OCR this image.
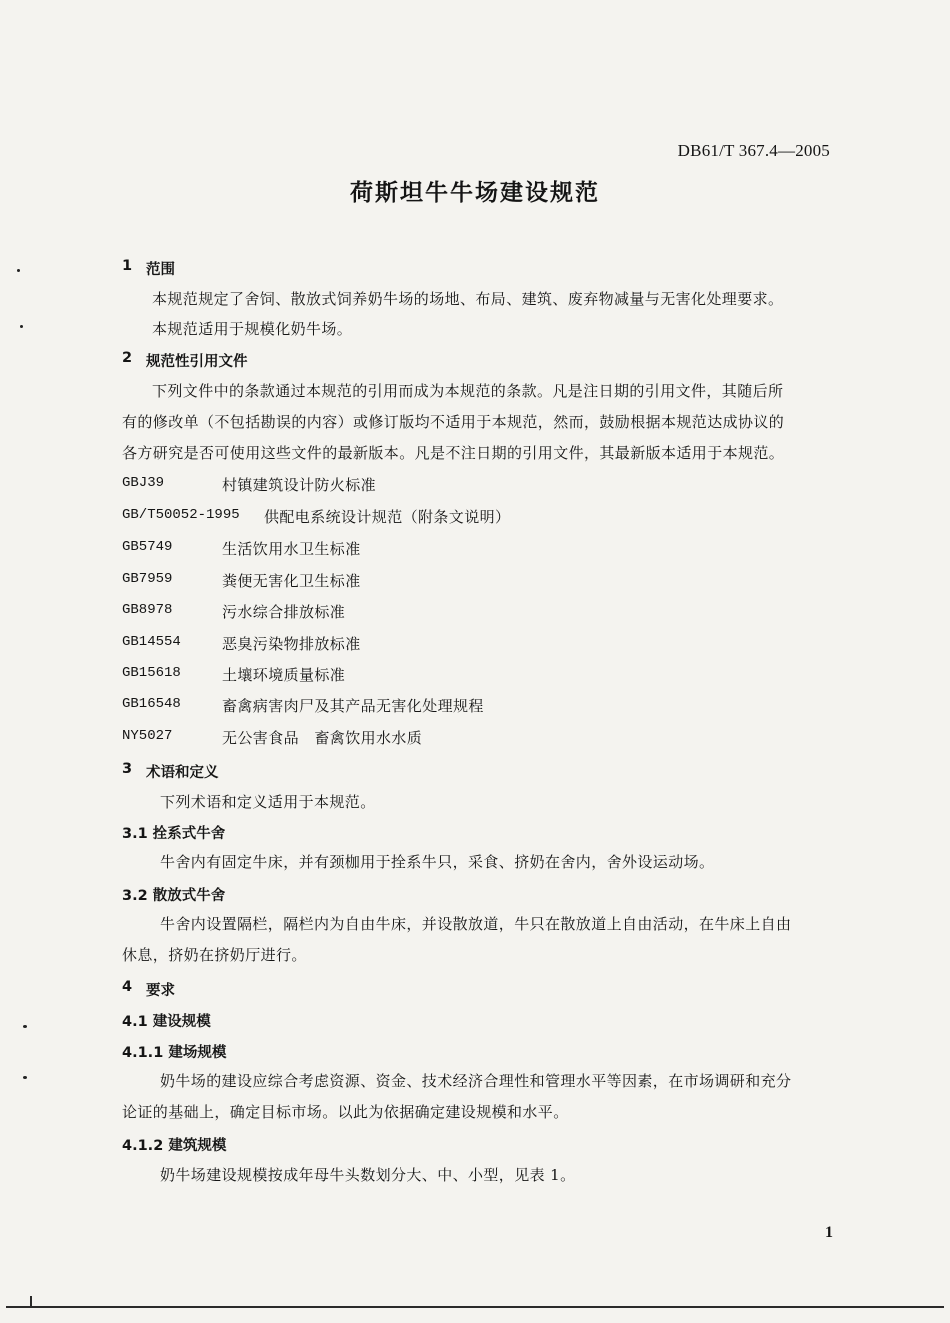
DB61/T 367.4—2005
荷斯坦牛牛场建设规范
1 范围
本规范规定了舍饲、散放式饲养奶牛场的场地、布局、建筑、废弃物减量与无害化处理要求。
本规范适用于规模化奶牛场。
2 规范性引用文件
下列文件中的条款通过本规范的引用而成为本规范的条款。凡是注日期的引用文件，其随后所
有的修改单（不包括勘误的内容）或修订版均不适用于本规范，然而，鼓励根据本规范达成协议的
各方研究是否可使用这些文件的最新版本。凡是不注日期的引用文件，其最新版本适用于本规范。
GBJ39	村镇建筑设计防火标准
GB/T50052-1995 供配电系统设计规范（附条文说明）
GB5749	生活饮用水卫生标准
GB7959	粪便无害化卫生标准
GB8978	污水综合排放标准
GB14554	恶臭污染物排放标准
GB15618	土壤环境质量标准
GB16548	畜禽病害肉尸及其产品无害化处理规程
NY5027	无公害食品　畜禽饮用水水质
3 术语和定义
下列术语和定义适用于本规范。
3.1 拴系式牛舍
牛舍内有固定牛床，并有颈枷用于拴系牛只，采食、挤奶在舍内，舍外设运动场。
3.2 散放式牛舍
牛舍内设置隔栏，隔栏内为自由牛床，并设散放道，牛只在散放道上自由活动，在牛床上自由
休息，挤奶在挤奶厅进行。
4 要求
4.1 建设规模
4.1.1 建场规模
奶牛场的建设应综合考虑资源、资金、技术经济合理性和管理水平等因素，在市场调研和充分
论证的基础上，确定目标市场。以此为依据确定建设规模和水平。
4.1.2 建筑规模
奶牛场建设规模按成年母牛头数划分大、中、小型，见表 1。
1
